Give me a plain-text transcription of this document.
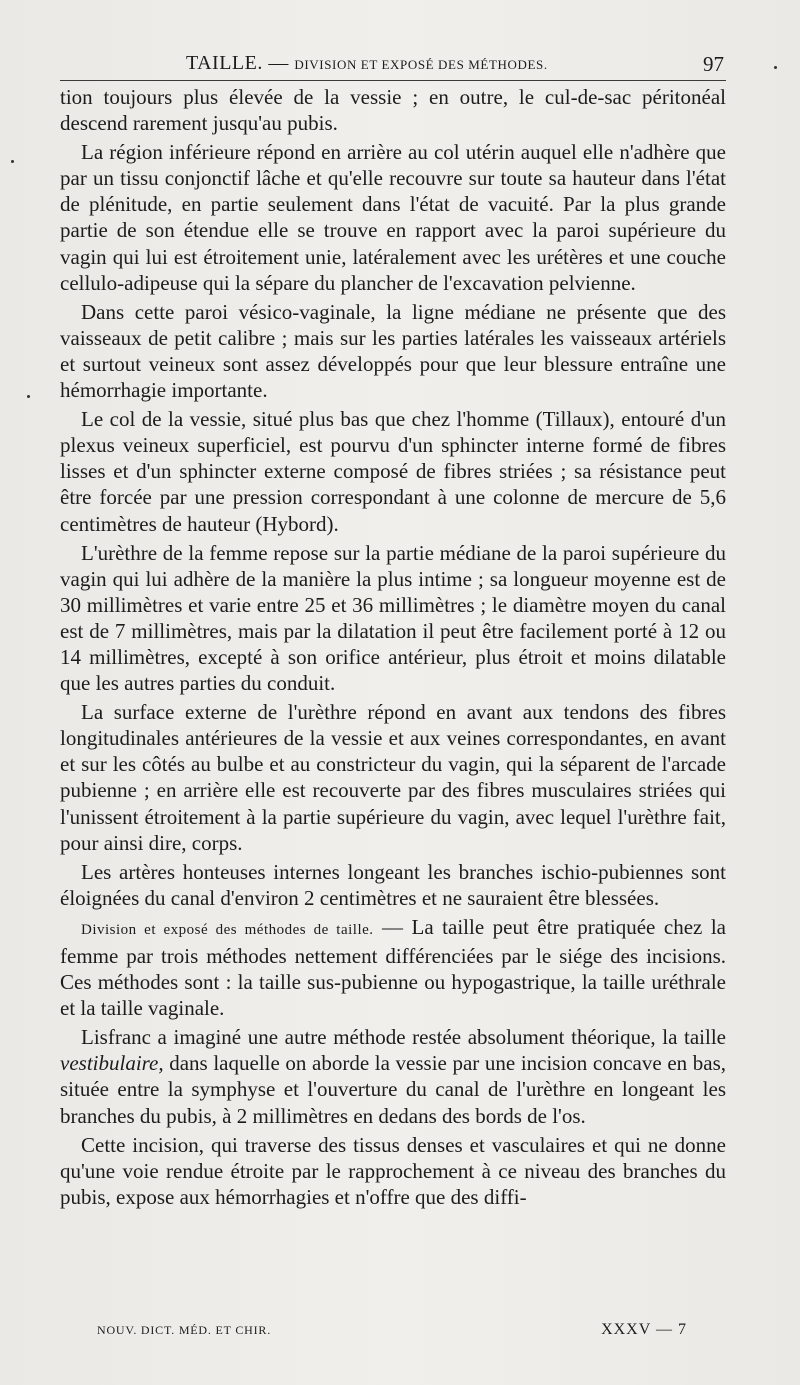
TAILLE. — DIVISION ET EXPOSÉ DES MÉTHODES.	97

tion toujours plus élevée de la vessie ; en outre, le cul-de-sac péritonéal descend rarement jusqu'au pubis.

La région inférieure répond en arrière au col utérin auquel elle n'adhère que par un tissu conjonctif lâche et qu'elle recouvre sur toute sa hauteur dans l'état de plénitude, en partie seulement dans l'état de vacuité. Par la plus grande partie de son étendue elle se trouve en rapport avec la paroi supérieure du vagin qui lui est étroitement unie, latéralement avec les urétères et une couche cellulo-adipeuse qui la sépare du plancher de l'excavation pelvienne.

Dans cette paroi vésico-vaginale, la ligne médiane ne présente que des vaisseaux de petit calibre ; mais sur les parties latérales les vaisseaux artériels et surtout veineux sont assez développés pour que leur blessure entraîne une hémorrhagie importante.

Le col de la vessie, situé plus bas que chez l'homme (Tillaux), entouré d'un plexus veineux superficiel, est pourvu d'un sphincter interne formé de fibres lisses et d'un sphincter externe composé de fibres striées ; sa résistance peut être forcée par une pression correspondant à une colonne de mercure de 5,6 centimètres de hauteur (Hybord).

L'urèthre de la femme repose sur la partie médiane de la paroi supérieure du vagin qui lui adhère de la manière la plus intime ; sa longueur moyenne est de 30 millimètres et varie entre 25 et 36 millimètres ; le diamètre moyen du canal est de 7 millimètres, mais par la dilatation il peut être facilement porté à 12 ou 14 millimètres, excepté à son orifice antérieur, plus étroit et moins dilatable que les autres parties du conduit.

La surface externe de l'urèthre répond en avant aux tendons des fibres longitudinales antérieures de la vessie et aux veines correspondantes, en avant et sur les côtés au bulbe et au constricteur du vagin, qui la séparent de l'arcade pubienne ; en arrière elle est recouverte par des fibres musculaires striées qui l'unissent étroitement à la partie supérieure du vagin, avec lequel l'urèthre fait, pour ainsi dire, corps.

Les artères honteuses internes longeant les branches ischio-pubiennes sont éloignées du canal d'environ 2 centimètres et ne sauraient être blessées.

Division et exposé des méthodes de taille. — La taille peut être pratiquée chez la femme par trois méthodes nettement différenciées par le siége des incisions. Ces méthodes sont : la taille sus-pubienne ou hypogastrique, la taille uréthrale et la taille vaginale.

Lisfranc a imaginé une autre méthode restée absolument théorique, la taille vestibulaire, dans laquelle on aborde la vessie par une incision concave en bas, située entre la symphyse et l'ouverture du canal de l'urèthre en longeant les branches du pubis, à 2 millimètres en dedans des bords de l'os.

Cette incision, qui traverse des tissus denses et vasculaires et qui ne donne qu'une voie rendue étroite par le rapprochement à ce niveau des branches du pubis, expose aux hémorrhagies et n'offre que des diffi-

NOUV. DICT. MÉD. ET CHIR.	XXXV — 7
